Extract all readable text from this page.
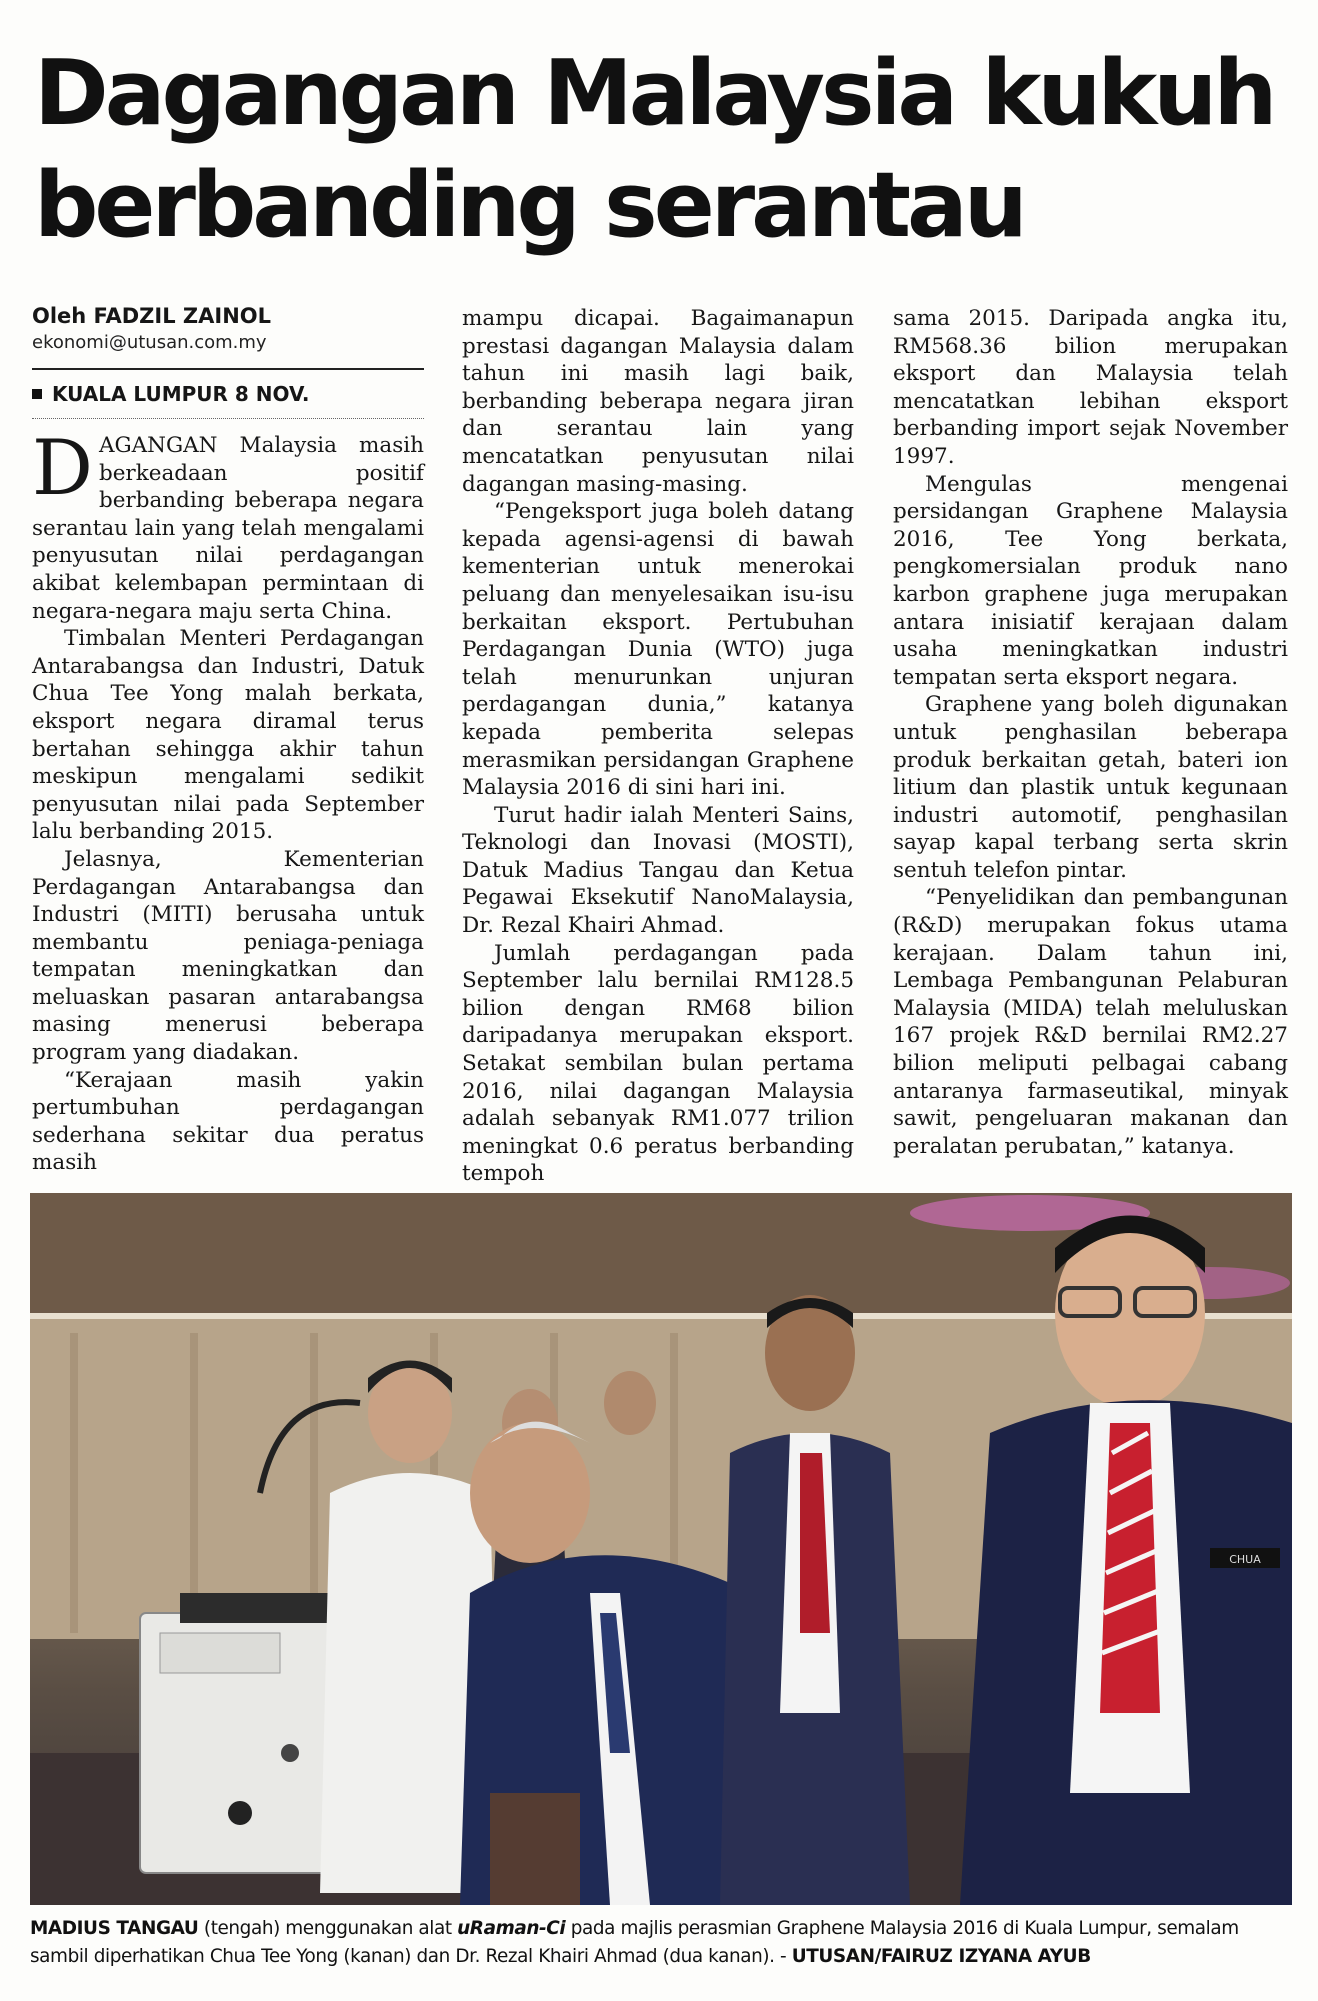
Dagangan Malaysia kukuh
berbanding serantau
Oleh FADZIL ZAINOL
ekonomi@utusan.com.my
KUALA LUMPUR 8 NOV.

DAGANGAN Malaysia masih berkeadaan positif berbanding beberapa negara serantau lain yang telah mengalami penyusutan nilai perdagangan akibat kelembapan permintaan di negara-negara maju serta China.

Timbalan Menteri Perdagangan Antarabangsa dan Industri, Datuk Chua Tee Yong malah berkata, eksport negara diramal terus bertahan sehingga akhir tahun meskipun mengalami sedikit penyusutan nilai pada September lalu berbanding 2015.

Jelasnya, Kementerian Perdagangan Antarabangsa dan Industri (MITI) berusaha untuk membantu peniaga-peniaga tempatan meningkatkan dan meluaskan pasaran antarabangsa masing menerusi beberapa program yang diadakan.

“Kerajaan masih yakin pertumbuhan perdagangan sederhana sekitar dua peratus masih

mampu dicapai. Bagaimanapun prestasi dagangan Malaysia dalam tahun ini masih lagi baik, berbanding beberapa negara jiran dan serantau lain yang mencatatkan penyusutan nilai dagangan masing-masing.

“Pengeksport juga boleh datang kepada agensi-agensi di bawah kementerian untuk menerokai peluang dan menyelesaikan isu-isu berkaitan eksport. Pertubuhan Perdagangan Dunia (WTO) juga telah menurunkan unjuran perdagangan dunia,” katanya kepada pemberita selepas merasmikan persidangan Graphene Malaysia 2016 di sini hari ini.

Turut hadir ialah Menteri Sains, Teknologi dan Inovasi (MOSTI), Datuk Madius Tangau dan Ketua Pegawai Eksekutif NanoMalaysia, Dr. Rezal Khairi Ahmad.

Jumlah perdagangan pada September lalu bernilai RM128.5 bilion dengan RM68 bilion daripadanya merupakan eksport. Setakat sembilan bulan pertama 2016, nilai dagangan Malaysia adalah sebanyak RM1.077 trilion meningkat 0.6 peratus berbanding tempoh

sama 2015. Daripada angka itu, RM568.36 bilion merupakan eksport dan Malaysia telah mencatatkan lebihan eksport berbanding import sejak November 1997.

Mengulas mengenai persidangan Graphene Malaysia 2016, Tee Yong berkata, pengkomersialan produk nano karbon graphene juga merupakan antara inisiatif kerajaan dalam usaha meningkatkan industri tempatan serta eksport negara.

Graphene yang boleh digunakan untuk penghasilan beberapa produk berkaitan getah, bateri ion litium dan plastik untuk kegunaan industri automotif, penghasilan sayap kapal terbang serta skrin sentuh telefon pintar.

“Penyelidikan dan pembangunan (R&D) merupakan fokus utama kerajaan. Dalam tahun ini, Lembaga Pembangunan Pelaburan Malaysia (MIDA) telah meluluskan 167 projek R&D bernilai RM2.27 bilion meliputi pelbagai cabang antaranya farmaseutikal, minyak sawit, pengeluaran makanan dan peralatan perubatan,” katanya.

CHUA
MADIUS TANGAU (tengah) menggunakan alat uRaman-Ci pada majlis perasmian Graphene Malaysia 2016 di Kuala Lumpur, semalam sambil diperhatikan Chua Tee Yong (kanan) dan Dr. Rezal Khairi Ahmad (dua kanan). - UTUSAN/FAIRUZ IZYANA AYUB
